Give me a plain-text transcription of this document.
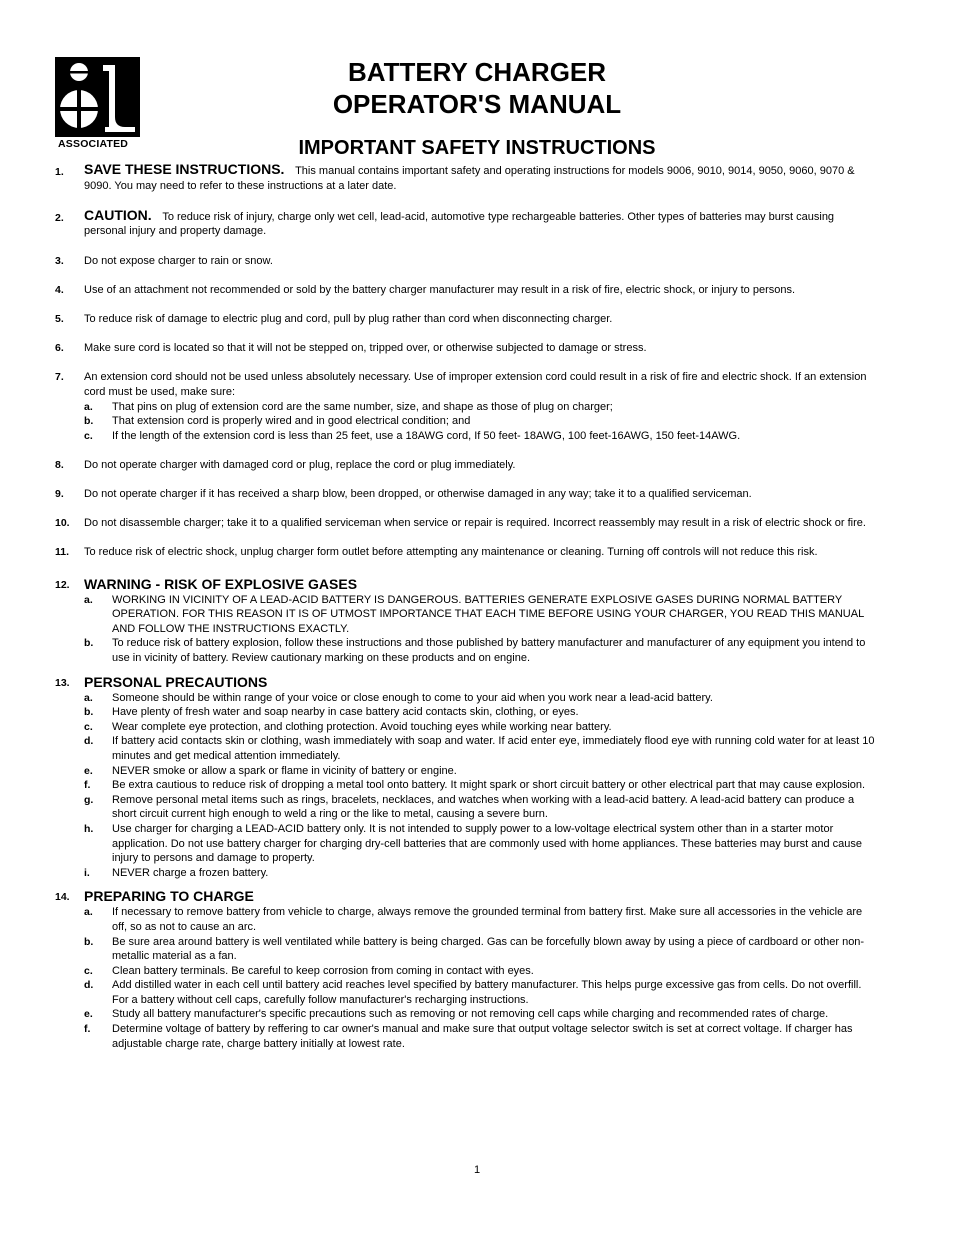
ASSOCIATED
BATTERY CHARGER
OPERATOR'S MANUAL
IMPORTANT SAFETY INSTRUCTIONS
1. SAVE THESE INSTRUCTIONS.   This manual contains important safety and operating instructions for models 9006, 9010, 9014, 9050, 9060, 9070 & 9090. You may need to refer to these instructions at a later date.
2. CAUTION.   To reduce risk of injury, charge only wet cell, lead-acid, automotive type rechargeable batteries. Other types of batteries may burst causing personal injury and property damage.
3. Do not expose charger to rain or snow.
4. Use of an attachment not recommended or sold by the battery charger manufacturer may result in a risk of fire, electric shock, or injury to persons.
5. To reduce risk of damage to electric plug and cord, pull by plug rather than cord when disconnecting charger.
6. Make sure cord is located so that it will not be stepped on, tripped over, or otherwise subjected to damage or stress.
7. An extension cord should not be used unless absolutely necessary. Use of improper extension cord could result in a risk of fire and electric shock. If an extension cord must be used, make sure:
a. That pins on plug of extension cord are the same number, size, and shape as those of plug on charger;
b. That extension cord is properly wired and in good electrical condition; and
c. If the length of the extension cord is less than 25 feet, use a 18AWG cord, If 50 feet- 18AWG, 100 feet-16AWG, 150 feet-14AWG.
8. Do not operate charger with damaged cord or plug, replace the cord or plug immediately.
9. Do not operate charger if it has received a sharp blow, been dropped, or otherwise damaged in any way; take it to a qualified serviceman.
10. Do not disassemble charger; take it to a qualified serviceman when service or repair is required. Incorrect reassembly may result in a risk of electric shock or fire.
11. To reduce risk of electric shock, unplug charger form outlet before attempting any maintenance or cleaning. Turning off controls will not reduce this risk.
12. WARNING - RISK OF EXPLOSIVE GASES
a. WORKING IN VICINITY OF A LEAD-ACID BATTERY IS DANGEROUS. BATTERIES GENERATE EXPLOSIVE GASES DURING NORMAL BATTERY OPERATION. FOR THIS REASON IT IS OF UTMOST IMPORTANCE THAT EACH TIME BEFORE USING YOUR CHARGER, YOU READ THIS MANUAL AND FOLLOW THE INSTRUCTIONS EXACTLY.
b. To reduce risk of battery explosion, follow these instructions and those published by battery manufacturer and manufacturer of any equipment you intend to use in vicinity of battery. Review cautionary marking on these products and on engine.
13. PERSONAL PRECAUTIONS
a. Someone should be within range of your voice or close enough to come to your aid when you work near a lead-acid battery.
b. Have plenty of fresh water and soap nearby in case battery acid contacts skin, clothing, or eyes.
c. Wear complete eye protection, and clothing protection. Avoid touching eyes while working near battery.
d. If battery acid contacts skin or clothing, wash immediately with soap and water. If acid enter eye, immediately flood eye with running cold water for at least 10 minutes and get medical attention immediately.
e. NEVER smoke or allow a spark or flame in vicinity of battery or engine.
f. Be extra cautious to reduce risk of dropping a metal tool onto battery. It might spark or short circuit battery or other electrical part that may cause explosion.
g. Remove personal metal items such as rings, bracelets, necklaces, and watches when working with a lead-acid battery. A lead-acid battery can produce a short circuit current high enough to weld a ring or the like to metal, causing a severe burn.
h. Use charger for charging a LEAD-ACID battery only. It is not intended to supply power to a low-voltage electrical system other than in a starter motor application. Do not use battery charger for charging dry-cell batteries that are commonly used with home appliances. These batteries may burst and cause injury to persons and damage to property.
i. NEVER charge a frozen battery.
14. PREPARING TO CHARGE
a. If necessary to remove battery from vehicle to charge, always remove the grounded terminal from battery first. Make sure all accessories in the vehicle are off, so as not to cause an arc.
b. Be sure area around battery is well ventilated while battery is being charged. Gas can be forcefully blown away by using a piece of cardboard or other non-metallic material as a fan.
c. Clean battery terminals. Be careful to keep corrosion from coming in contact with eyes.
d. Add distilled water in each cell until battery acid reaches level specified by battery manufacturer. This helps purge excessive gas from cells. Do not overfill. For a battery without cell caps, carefully follow manufacturer's recharging instructions.
e. Study all battery manufacturer's specific precautions such as removing or not removing cell caps while charging and recommended rates of charge.
f. Determine voltage of battery by reffering to car owner's manual and make sure that output voltage selector switch is set at correct voltage. If charger has adjustable charge rate, charge battery initially at lowest rate.
1
